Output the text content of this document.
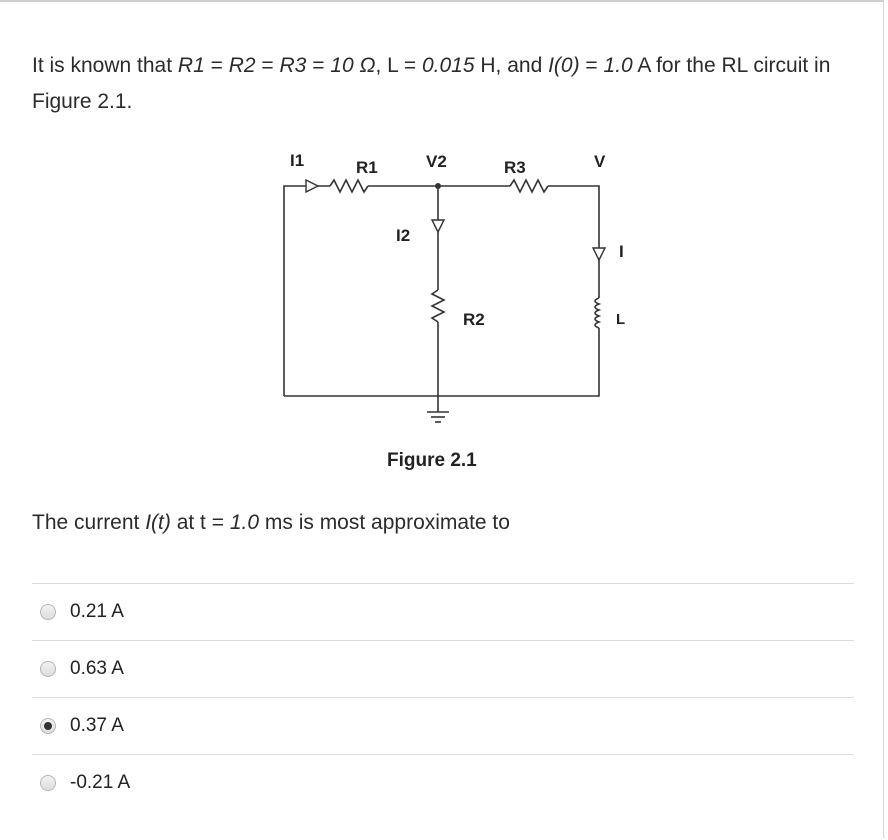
It is known that R1 = R2 = R3 = 10 Ω, L = 0.015 H, and I(0) = 1.0 A for the RL circuit in Figure 2.1.
I1	R1	V2	R3	V
I2
I
R2	L
Figure 2.1
The current I(t) at t = 1.0 ms is most approximate to
0.21 A
0.63 A
0.37 A
-0.21 A
